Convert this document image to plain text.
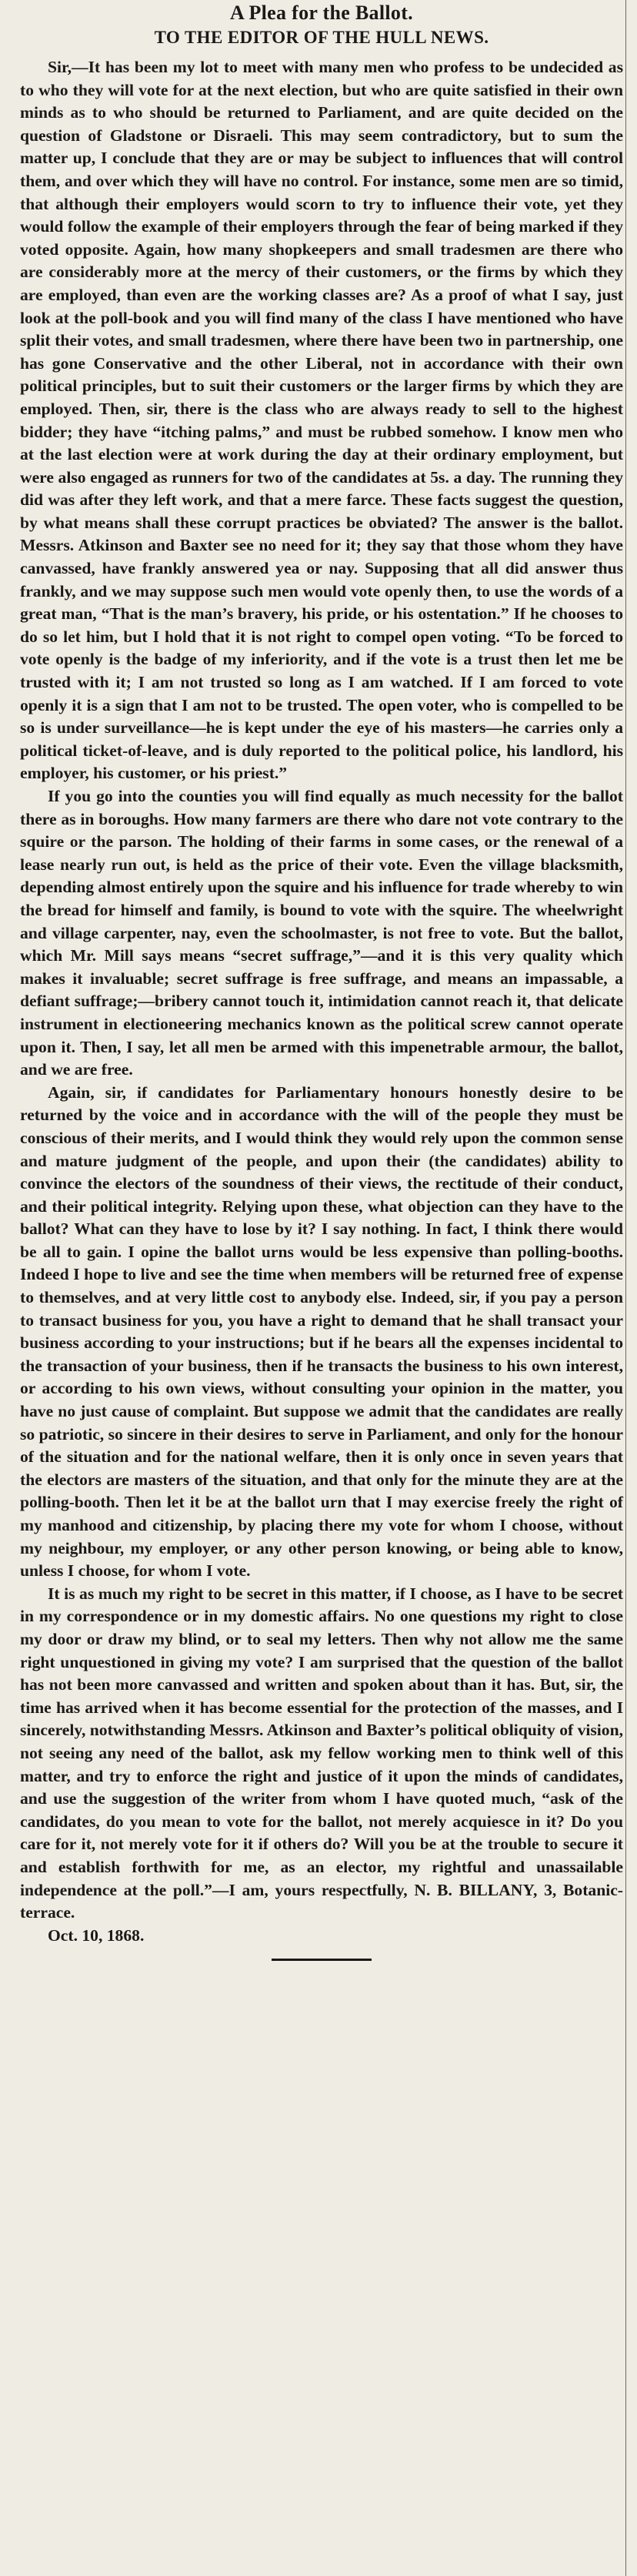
A Plea for the Ballot.
TO THE EDITOR OF THE HULL NEWS.

Sir,—It has been my lot to meet with many men who profess to be undecided as to who they will vote for at the next election, but who are quite satisfied in their own minds as to who should be returned to Parliament, and are quite decided on the question of Gladstone or Disraeli. This may seem contradictory, but to sum the matter up, I conclude that they are or may be subject to influences that will control them, and over which they will have no control. For instance, some men are so timid, that although their employers would scorn to try to influence their vote, yet they would follow the example of their employers through the fear of being marked if they voted opposite. Again, how many shopkeepers and small tradesmen are there who are considerably more at the mercy of their customers, or the firms by which they are employed, than even are the working classes are? As a proof of what I say, just look at the poll-book and you will find many of the class I have mentioned who have split their votes, and small tradesmen, where there have been two in partnership, one has gone Conservative and the other Liberal, not in accordance with their own political principles, but to suit their customers or the larger firms by which they are employed. Then, sir, there is the class who are always ready to sell to the highest bidder; they have “itching palms,” and must be rubbed somehow. I know men who at the last election were at work during the day at their ordinary employment, but were also engaged as runners for two of the candidates at 5s. a day. The running they did was after they left work, and that a mere farce. These facts suggest the question, by what means shall these corrupt practices be obviated? The answer is the ballot. Messrs. Atkinson and Baxter see no need for it; they say that those whom they have canvassed, have frankly answered yea or nay. Supposing that all did answer thus frankly, and we may suppose such men would vote openly then, to use the words of a great man, “That is the man’s bravery, his pride, or his ostentation.” If he chooses to do so let him, but I hold that it is not right to compel open voting. “To be forced to vote openly is the badge of my inferiority, and if the vote is a trust then let me be trusted with it; I am not trusted so long as I am watched. If I am forced to vote openly it is a sign that I am not to be trusted. The open voter, who is compelled to be so is under surveillance—he is kept under the eye of his masters—he carries only a political ticket-of-leave, and is duly reported to the political police, his landlord, his employer, his customer, or his priest.”

If you go into the counties you will find equally as much necessity for the ballot there as in boroughs. How many farmers are there who dare not vote contrary to the squire or the parson. The holding of their farms in some cases, or the renewal of a lease nearly run out, is held as the price of their vote. Even the village blacksmith, depending almost entirely upon the squire and his influence for trade whereby to win the bread for himself and family, is bound to vote with the squire. The wheelwright and village carpenter, nay, even the schoolmaster, is not free to vote. But the ballot, which Mr. Mill says means “secret suffrage,”—and it is this very quality which makes it invaluable; secret suffrage is free suffrage, and means an impassable, a defiant suffrage;—bribery cannot touch it, intimidation cannot reach it, that delicate instrument in electioneering mechanics known as the political screw cannot operate upon it. Then, I say, let all men be armed with this impenetrable armour, the ballot, and we are free.

Again, sir, if candidates for Parliamentary honours honestly desire to be returned by the voice and in accordance with the will of the people they must be conscious of their merits, and I would think they would rely upon the common sense and mature judgment of the people, and upon their (the candidates) ability to convince the electors of the soundness of their views, the rectitude of their conduct, and their political integrity. Relying upon these, what objection can they have to the ballot? What can they have to lose by it? I say nothing. In fact, I think there would be all to gain. I opine the ballot urns would be less expensive than polling-booths. Indeed I hope to live and see the time when members will be returned free of expense to themselves, and at very little cost to anybody else. Indeed, sir, if you pay a person to transact business for you, you have a right to demand that he shall transact your business according to your instructions; but if he bears all the expenses incidental to the transaction of your business, then if he transacts the business to his own interest, or according to his own views, without consulting your opinion in the matter, you have no just cause of complaint. But suppose we admit that the candidates are really so patriotic, so sincere in their desires to serve in Parliament, and only for the honour of the situation and for the national welfare, then it is only once in seven years that the electors are masters of the situation, and that only for the minute they are at the polling-booth. Then let it be at the ballot urn that I may exercise freely the right of my manhood and citizenship, by placing there my vote for whom I choose, without my neighbour, my employer, or any other person knowing, or being able to know, unless I choose, for whom I vote.

It is as much my right to be secret in this matter, if I choose, as I have to be secret in my correspondence or in my domestic affairs. No one questions my right to close my door or draw my blind, or to seal my letters. Then why not allow me the same right unquestioned in giving my vote? I am surprised that the question of the ballot has not been more canvassed and written and spoken about than it has. But, sir, the time has arrived when it has become essential for the protection of the masses, and I sincerely, notwithstanding Messrs. Atkinson and Baxter’s political obliquity of vision, not seeing any need of the ballot, ask my fellow working men to think well of this matter, and try to enforce the right and justice of it upon the minds of candidates, and use the suggestion of the writer from whom I have quoted much, “ask of the candidates, do you mean to vote for the ballot, not merely acquiesce in it? Do you care for it, not merely vote for it if others do? Will you be at the trouble to secure it and establish forthwith for me, as an elector, my rightful and unassailable independence at the poll.”—I am, yours respectfully, N. B. BILLANY, 3, Botanic-terrace.

Oct. 10, 1868.
